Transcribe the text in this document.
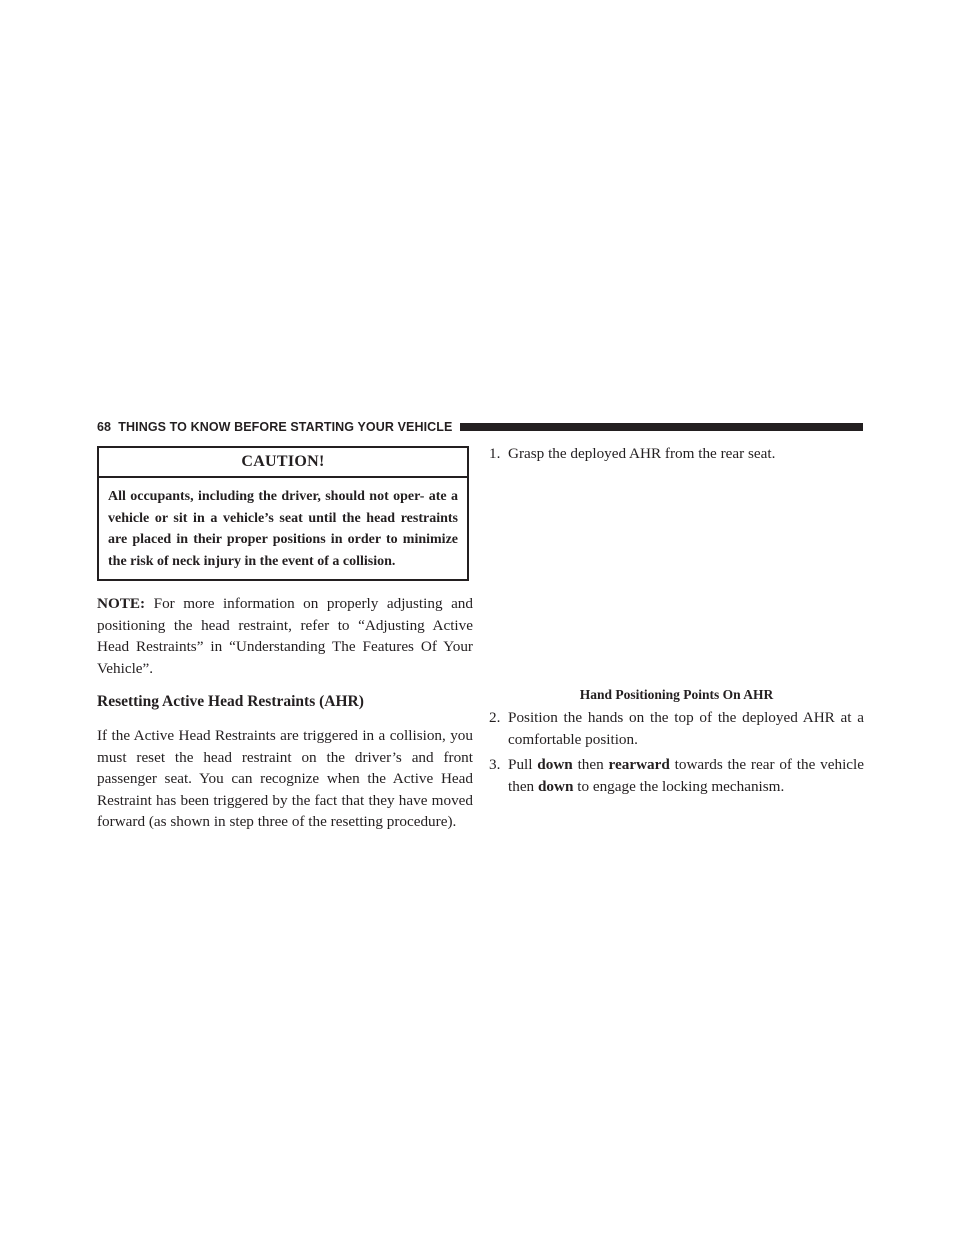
68 THINGS TO KNOW BEFORE STARTING YOUR VEHICLE
CAUTION!
All occupants, including the driver, should not oper- ate a vehicle or sit in a vehicle’s seat until the head restraints are placed in their proper positions in order to minimize the risk of neck injury in the event of a collision.

NOTE: For more information on properly adjusting and positioning the head restraint, refer to “Adjusting Active Head Restraints” in “Understanding The Features Of Your Vehicle”.

Resetting Active Head Restraints (AHR)

If the Active Head Restraints are triggered in a collision, you must reset the head restraint on the driver’s and front passenger seat. You can recognize when the Active Head Restraint has been triggered by the fact that they have moved forward (as shown in step three of the resetting procedure).

1. Grasp the deployed AHR from the rear seat.
Hand Positioning Points On AHR
2. Position the hands on the top of the deployed AHR at a comfortable position.
3. Pull down then rearward towards the rear of the vehicle then down to engage the locking mechanism.
